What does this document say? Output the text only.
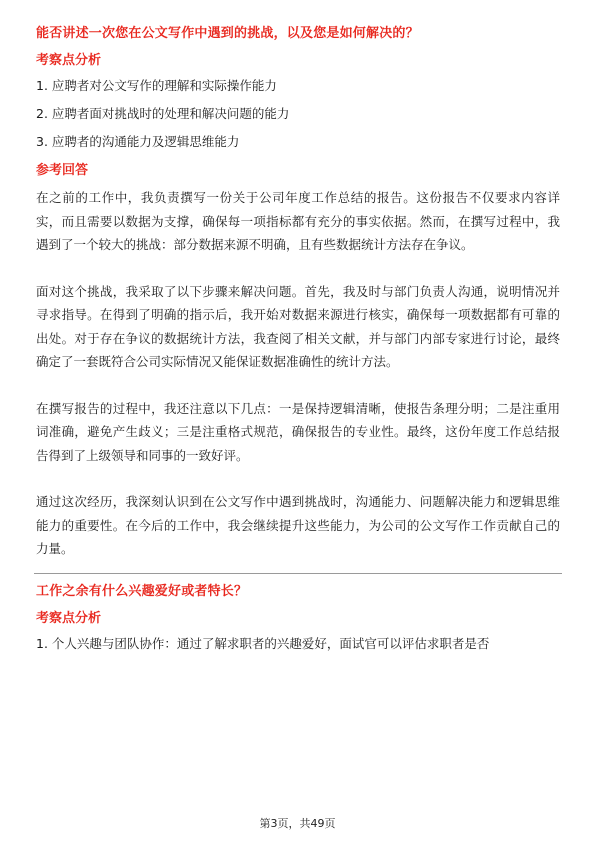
能否讲述一次您在公文写作中遇到的挑战，以及您是如何解决的？
考察点分析
1. 应聘者对公文写作的理解和实际操作能力
2. 应聘者面对挑战时的处理和解决问题的能力
3. 应聘者的沟通能力及逻辑思维能力
参考回答

在之前的工作中，我负责撰写一份关于公司年度工作总结的报告。这份报告不仅要求内容详实，而且需要以数据为支撑，确保每一项指标都有充分的事实依据。然而，在撰写过程中，我遇到了一个较大的挑战：部分数据来源不明确，且有些数据统计方法存在争议。

面对这个挑战，我采取了以下步骤来解决问题。首先，我及时与部门负责人沟通，说明情况并寻求指导。在得到了明确的指示后，我开始对数据来源进行核实，确保每一项数据都有可靠的出处。对于存在争议的数据统计方法，我查阅了相关文献，并与部门内部专家进行讨论，最终确定了一套既符合公司实际情况又能保证数据准确性的统计方法。

在撰写报告的过程中，我还注意以下几点：一是保持逻辑清晰，使报告条理分明；二是注重用词准确，避免产生歧义；三是注重格式规范，确保报告的专业性。最终，这份年度工作总结报告得到了上级领导和同事的一致好评。

通过这次经历，我深刻认识到在公文写作中遇到挑战时，沟通能力、问题解决能力和逻辑思维能力的重要性。在今后的工作中，我会继续提升这些能力，为公司的公文写作工作贡献自己的力量。

工作之余有什么兴趣爱好或者特长？
考察点分析
1. 个人兴趣与团队协作：通过了解求职者的兴趣爱好，面试官可以评估求职者是否
第3页，共49页
